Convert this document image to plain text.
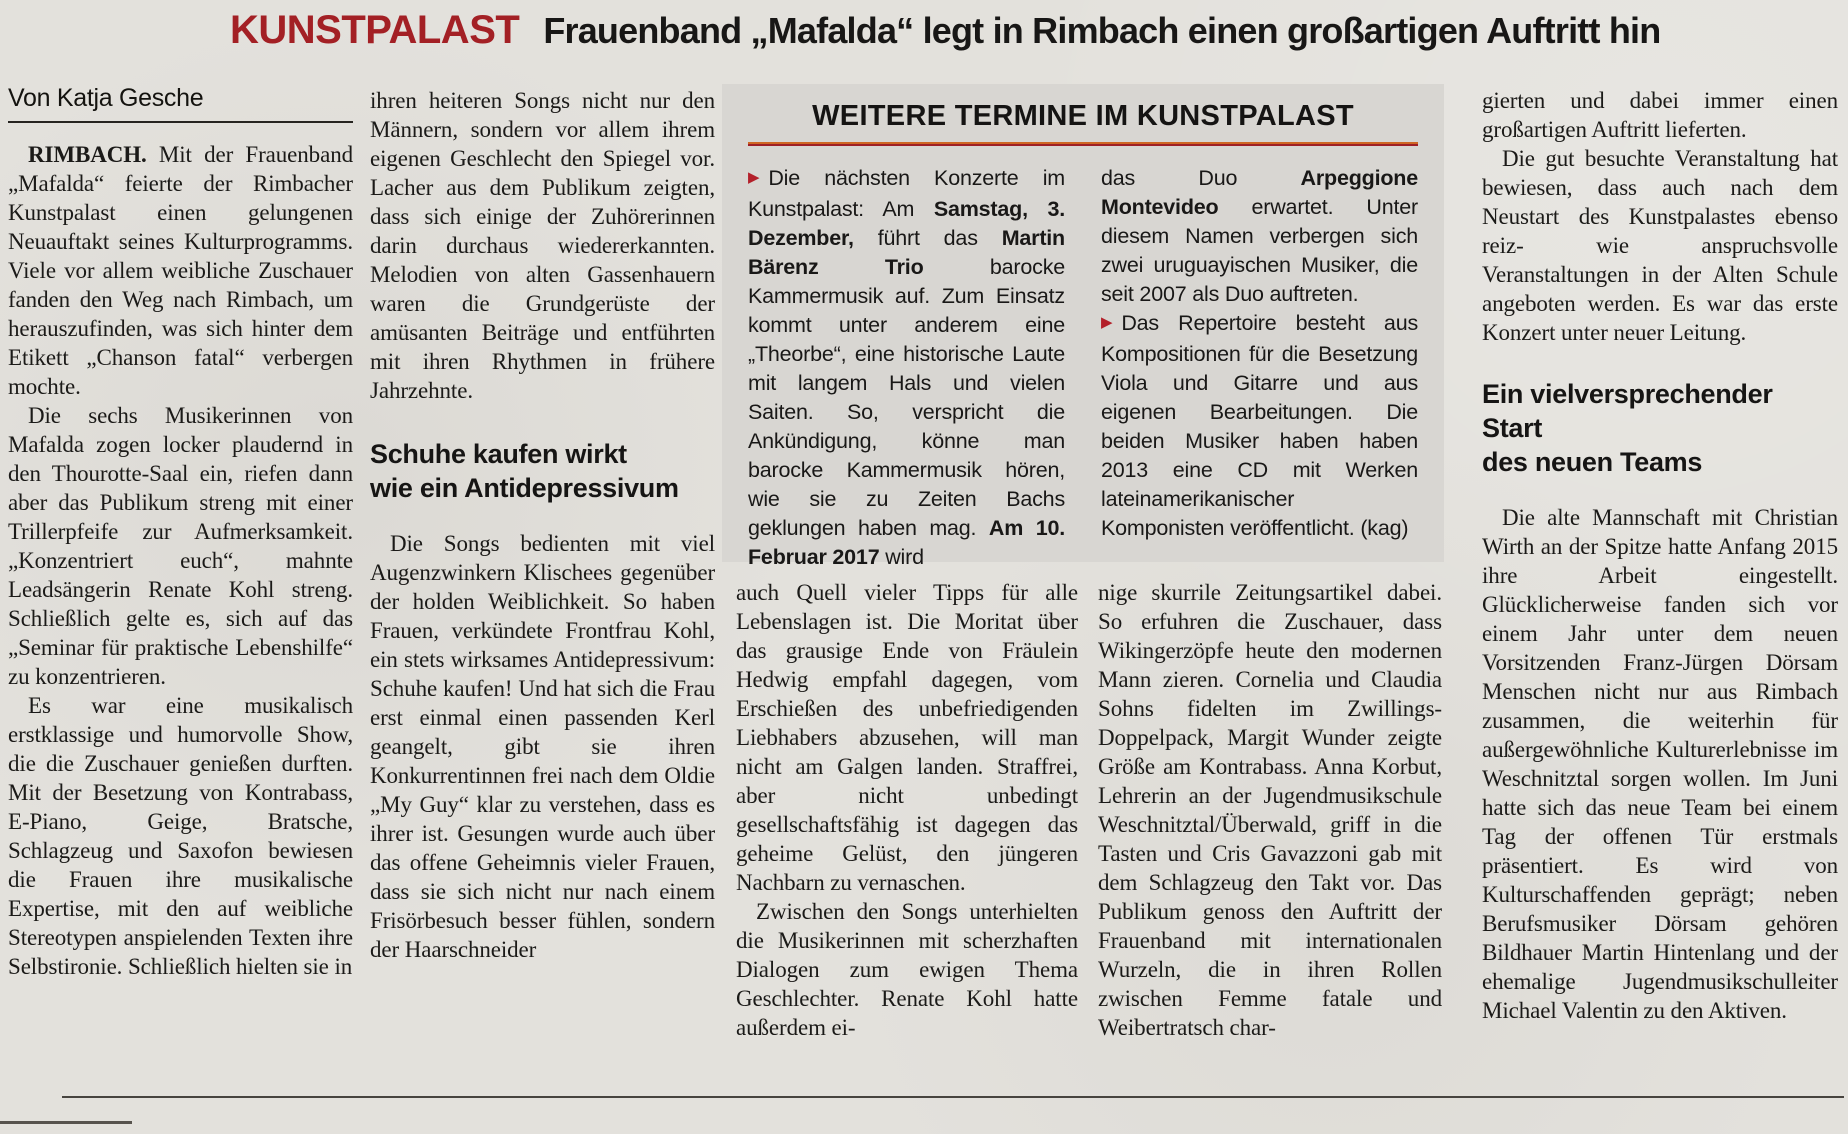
KUNSTPALAST Frauenband „Mafalda“ legt in Rimbach einen großartigen Auftritt hin
Von Katja Gesche

RIMBACH. Mit der Frauenband „Mafalda“ feierte der Rimbacher Kunstpalast einen gelungenen Neuauftakt seines Kulturprogramms. Viele vor allem weibliche Zuschauer fanden den Weg nach Rimbach, um herauszufinden, was sich hinter dem Etikett „Chanson fatal“ verbergen mochte.

Die sechs Musikerinnen von Mafalda zogen locker plaudernd in den Thourotte-Saal ein, riefen dann aber das Publikum streng mit einer Trillerpfeife zur Aufmerksamkeit. „Konzentriert euch“, mahnte Leadsängerin Renate Kohl streng. Schließlich gelte es, sich auf das „Seminar für praktische Lebenshilfe“ zu konzentrieren.

Es war eine musikalisch erstklassige und humorvolle Show, die die Zuschauer genießen durften. Mit der Besetzung von Kontrabass, E-Piano, Geige, Bratsche, Schlagzeug und Saxofon bewiesen die Frauen ihre musikalische Expertise, mit den auf weibliche Stereotypen anspielenden Texten ihre Selbstironie. Schließlich hielten sie in

ihren heiteren Songs nicht nur den Männern, sondern vor allem ihrem eigenen Geschlecht den Spiegel vor. Lacher aus dem Publikum zeigten, dass sich einige der Zuhörerinnen darin durchaus wiedererkannten. Melodien von alten Gassenhauern waren die Grundgerüste der amüsanten Beiträge und entführten mit ihren Rhythmen in frühere Jahrzehnte.

Schuhe kaufen wirkt
wie ein Antidepressivum

Die Songs bedienten mit viel Augenzwinkern Klischees gegenüber der holden Weiblichkeit. So haben Frauen, verkündete Frontfrau Kohl, ein stets wirksames Antidepressivum: Schuhe kaufen! Und hat sich die Frau erst einmal einen passenden Kerl geangelt, gibt sie ihren Konkurrentinnen frei nach dem Oldie „My Guy“ klar zu verstehen, dass es ihrer ist. Gesungen wurde auch über das offene Geheimnis vieler Frauen, dass sie sich nicht nur nach einem Frisörbesuch besser fühlen, sondern der Haarschneider

WEITERE TERMINE IM KUNSTPALAST

▶ Die nächsten Konzerte im Kunstpalast: Am Samstag, 3. Dezember, führt das Martin Bärenz Trio barocke Kammermusik auf. Zum Einsatz kommt unter anderem eine „Theorbe“, eine historische Laute mit langem Hals und vielen Saiten. So, verspricht die Ankündigung, könne man barocke Kammermusik hören, wie sie zu Zeiten Bachs geklungen haben mag. Am 10. Februar 2017 wird

das Duo Arpeggione Montevideo erwartet. Unter diesem Namen verbergen sich zwei uruguayischen Musiker, die seit 2007 als Duo auftreten.

▶ Das Repertoire besteht aus Kompositionen für die Besetzung Viola und Gitarre und aus eigenen Bearbeitungen. Die beiden Musiker haben haben 2013 eine CD mit Werken lateinamerikanischer Komponisten veröffentlicht. (kag)

auch Quell vieler Tipps für alle Lebenslagen ist. Die Moritat über das grausige Ende von Fräulein Hedwig empfahl dagegen, vom Erschießen des unbefriedigenden Liebhabers abzusehen, will man nicht am Galgen landen. Straffrei, aber nicht unbedingt gesellschaftsfähig ist dagegen das geheime Gelüst, den jüngeren Nachbarn zu vernaschen.

Zwischen den Songs unterhielten die Musikerinnen mit scherzhaften Dialogen zum ewigen Thema Geschlechter. Renate Kohl hatte außerdem ei-

nige skurrile Zeitungsartikel dabei. So erfuhren die Zuschauer, dass Wikingerzöpfe heute den modernen Mann zieren. Cornelia und Claudia Sohns fidelten im Zwillings-Doppelpack, Margit Wunder zeigte Größe am Kontrabass. Anna Korbut, Lehrerin an der Jugendmusikschule Weschnitztal/Überwald, griff in die Tasten und Cris Gavazzoni gab mit dem Schlagzeug den Takt vor. Das Publikum genoss den Auftritt der Frauenband mit internationalen Wurzeln, die in ihren Rollen zwischen Femme fatale und Weibertratsch char-

gierten und dabei immer einen großartigen Auftritt lieferten.

Die gut besuchte Veranstaltung hat bewiesen, dass auch nach dem Neustart des Kunstpalastes ebenso reiz- wie anspruchsvolle Veranstaltungen in der Alten Schule angeboten werden. Es war das erste Konzert unter neuer Leitung.

Ein vielversprechender Start
des neuen Teams

Die alte Mannschaft mit Christian Wirth an der Spitze hatte Anfang 2015 ihre Arbeit eingestellt. Glücklicherweise fanden sich vor einem Jahr unter dem neuen Vorsitzenden Franz-Jürgen Dörsam Menschen nicht nur aus Rimbach zusammen, die weiterhin für außergewöhnliche Kulturerlebnisse im Weschnitztal sorgen wollen. Im Juni hatte sich das neue Team bei einem Tag der offenen Tür erstmals präsentiert. Es wird von Kulturschaffenden geprägt; neben Berufsmusiker Dörsam gehören Bildhauer Martin Hintenlang und der ehemalige Jugendmusikschulleiter Michael Valentin zu den Aktiven.
